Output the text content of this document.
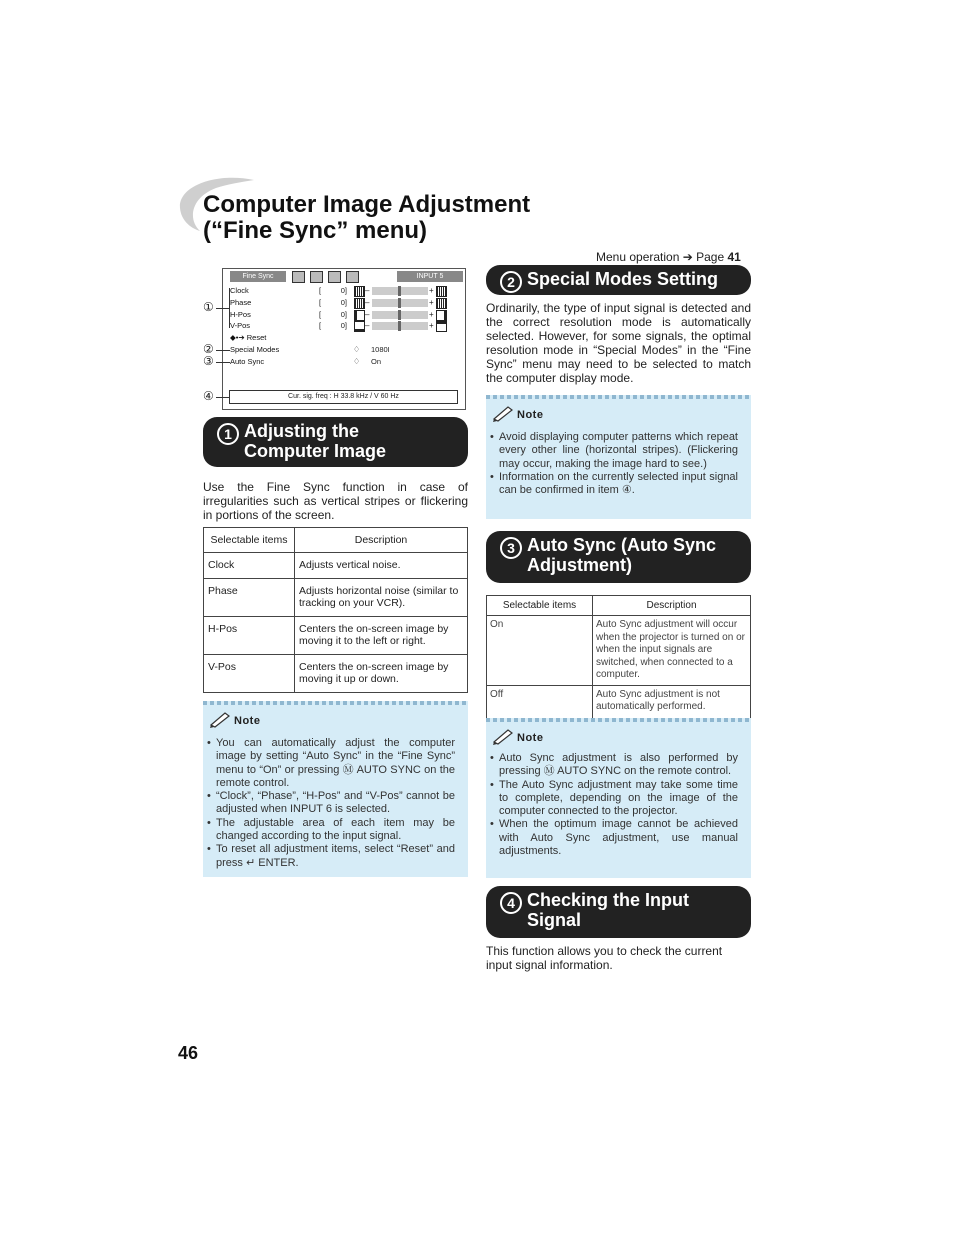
Computer Image Adjustment
(“Fine Sync” menu)
Menu operation ➔ Page 41
Fine Sync	INPUT 5
Clock	[	0] –	+
Phase	[	0] –	+
H-Pos	[	0] –	+
V-Pos	[	0] –	+
◆•➔ Reset
Special Modes	♢ 1080I
Auto Sync	♢ On
Cur. sig. freq : H 33.8 kHz / V 60 Hz
①
②
③
④
1 Adjusting the
Computer Image

Use the Fine Sync function in case of irregularities such as vertical stripes or flickering in portions of the screen.

Selectable items	Description
Clock	Adjusts vertical noise.
Phase	Adjusts horizontal noise (similar to tracking on your VCR).
H-Pos	Centers the on-screen image by moving it to the left or right.
V-Pos	Centers the on-screen image by moving it up or down.
Note
• You can automatically adjust the computer image by setting “Auto Sync” in the “Fine Sync” menu to “On” or pressing Ⓜ AUTO SYNC on the remote control.
• “Clock”, “Phase”, “H-Pos” and “V-Pos” cannot be adjusted when INPUT 6 is selected.
• The adjustable area of each item may be changed according to the input signal.
• To reset all adjustment items, select “Reset” and press ↵ ENTER.
2 Special Modes Setting

Ordinarily, the type of input signal is detected and the correct resolution mode is automatically selected. However, for some signals, the optimal resolution mode in “Special Modes” in the “Fine Sync” menu may need to be selected to match the computer display mode.

Note
• Avoid displaying computer patterns which repeat every other line (horizontal stripes). (Flickering may occur, making the image hard to see.)
• Information on the currently selected input signal can be confirmed in item ④.
3 Auto Sync (Auto Sync
Adjustment)
Selectable items	Description
On	Auto Sync adjustment will occur when the projector is turned on or when the input signals are switched, when connected to a computer.
Off	Auto Sync adjustment is not automatically performed.
Note
• Auto Sync adjustment is also performed by pressing Ⓜ AUTO SYNC on the remote control.
• The Auto Sync adjustment may take some time to complete, depending on the image of the computer connected to the projector.
• When the optimum image cannot be achieved with Auto Sync adjustment, use manual adjustments.
4 Checking the Input
Signal

This function allows you to check the current input signal information.

46
